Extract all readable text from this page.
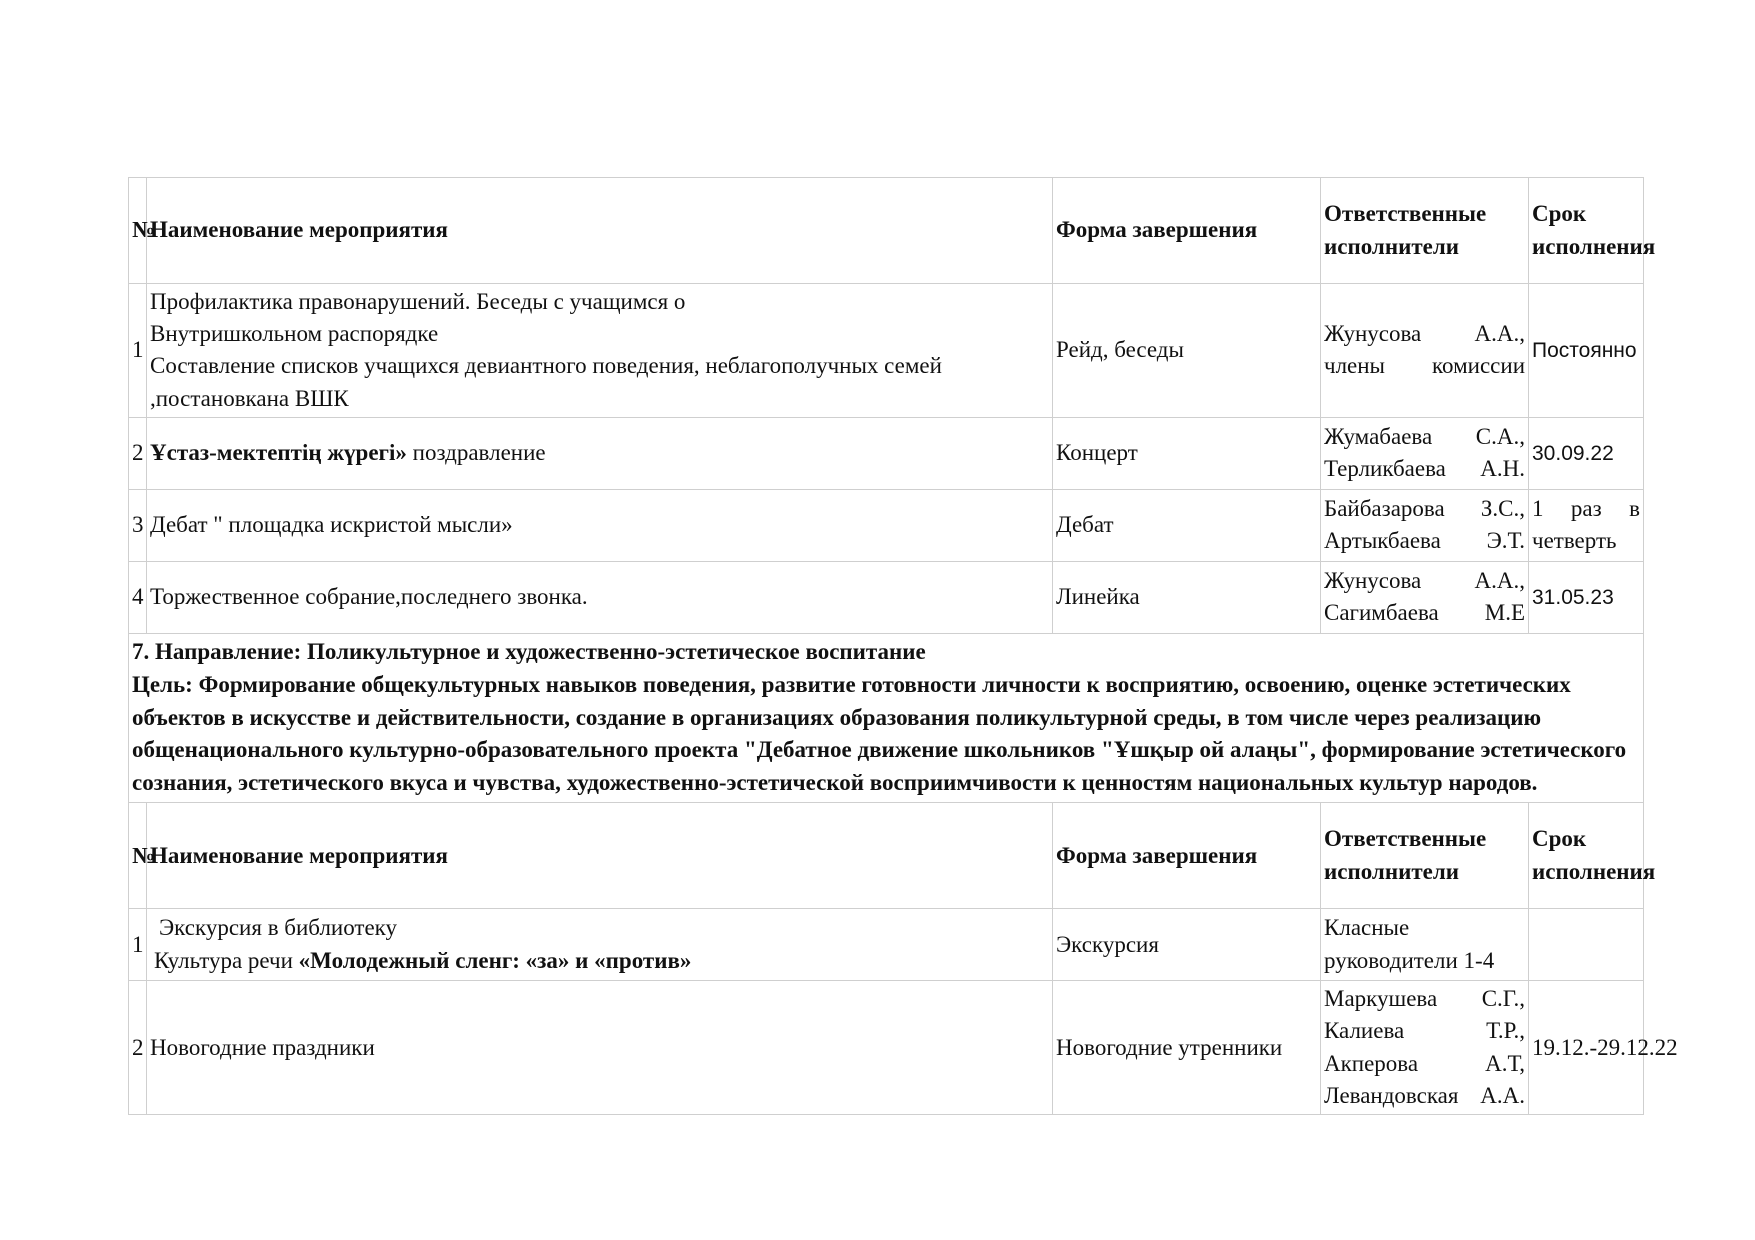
№	Наименование мероприятия	Форма завершения	Ответственные исполнители	Срок исполнения
1	Профилактика правонарушений. Беседы с учащимся о
Внутришкольном распорядке
Составление списков учащихся девиантного поведения, неблагополучных семей
,постановкана ВШК	Рейд, беседы	Жунусова А.А., члены комиссии	Постоянно
2	Ұстаз-мектептің жүрегі» поздравление	Концерт	Жумабаева С.А., Терликбаева А.Н.	30.09.22
3	Дебат " площадка искристой мысли»	Дебат	Байбазарова З.С., Артыкбаева Э.Т.	1 раз в четверть
4	Торжественное собрание,последнего звонка.	Линейка	Жунусова А.А., Сагимбаева М.Е	31.05.23

7. Направление: Поликультурное и художественно-эстетическое воспитание
Цель: Формирование общекультурных навыков поведения, развитие готовности личности к восприятию, освоению, оценке эстетических объектов в искусстве и действительности, создание в организациях образования поликультурной среды, в том числе через реализацию общенационального культурно-образовательного проекта "Дебатное движение школьников "Ұшқыр ой алаңы", формирование эстетического сознания, эстетического вкуса и чувства, художественно-эстетической восприимчивости к ценностям национальных культур народов.				

№	Наименование мероприятия	Форма завершения	Ответственные исполнители	Срок исполнения
1	Экскурсия в библиотеку
Культура речи «Молодежный сленг: «за» и «против»	Экскурсия	Класные руководители 1-4	
2	Новогодние праздники	Новогодние утренники	Маркушева С.Г., Калиева Т.Р., Акперова А.Т, Левандовская А.А.	19.12.-29.12.22
